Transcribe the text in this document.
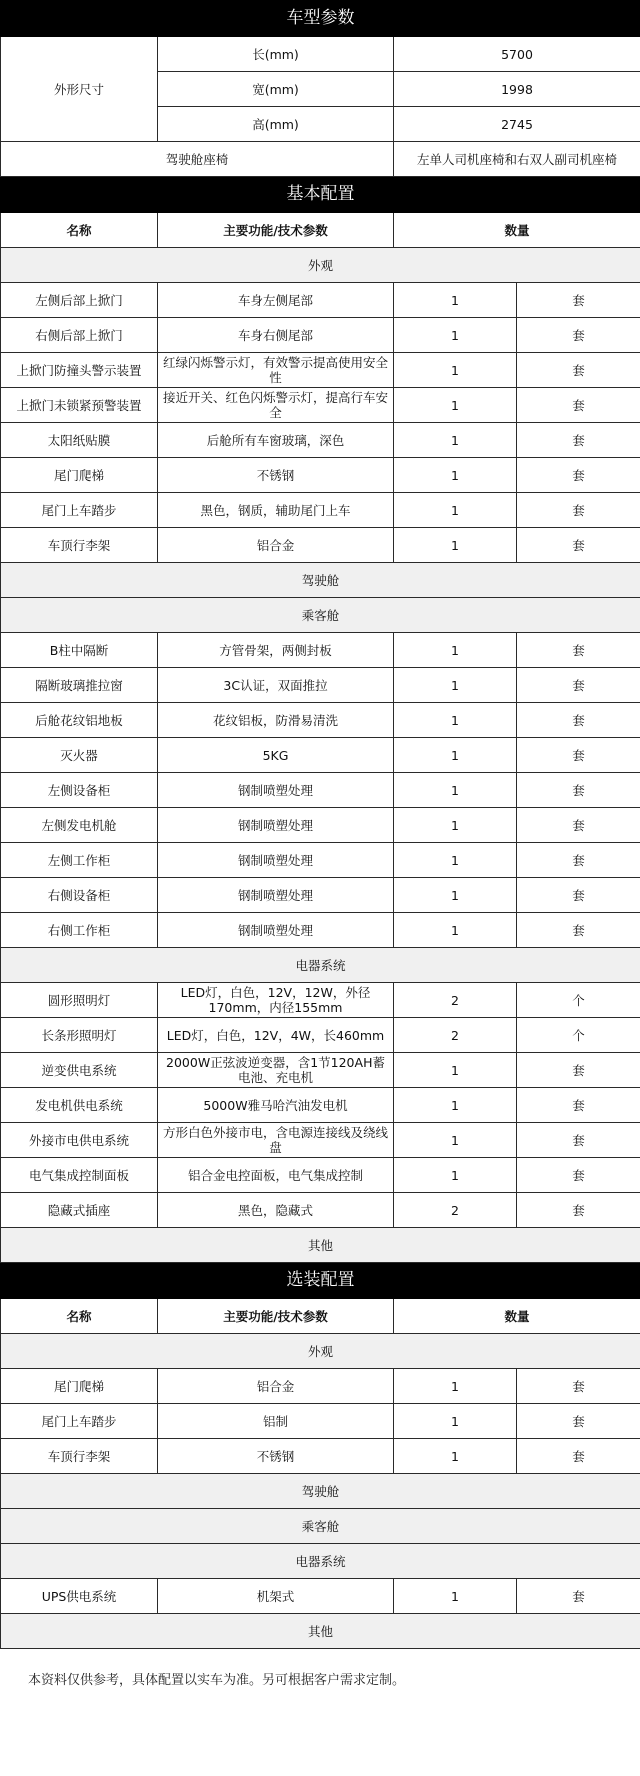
车型参数			
外形尺寸	长(mm)	5700	
	宽(mm)	1998	
	高(mm)	2745	
驾驶舱座椅		左单人司机座椅和右双人副司机座椅	
基本配置			
名称	主要功能/技术参数	数量	
外观			
左侧后部上掀门	车身左侧尾部	1	套
右侧后部上掀门	车身右侧尾部	1	套
上掀门防撞头警示装置	红绿闪烁警示灯，有效警示提高使用安全性	1	套
上掀门未锁紧预警装置	接近开关、红色闪烁警示灯，提高行车安全	1	套
太阳纸贴膜	后舱所有车窗玻璃，深色	1	套
尾门爬梯	不锈钢	1	套
尾门上车踏步	黑色，钢质，辅助尾门上车	1	套
车顶行李架	铝合金	1	套
驾驶舱			
乘客舱			
B柱中隔断	方管骨架，两侧封板	1	套
隔断玻璃推拉窗	3C认证，双面推拉	1	套
后舱花纹铝地板	花纹铝板，防滑易清洗	1	套
灭火器	5KG	1	套
左侧设备柜	钢制喷塑处理	1	套
左侧发电机舱	钢制喷塑处理	1	套
左侧工作柜	钢制喷塑处理	1	套
右侧设备柜	钢制喷塑处理	1	套
右侧工作柜	钢制喷塑处理	1	套
电器系统			
圆形照明灯	LED灯，白色，12V，12W，外径170mm，内径155mm	2	个
长条形照明灯	LED灯，白色，12V，4W，长460mm	2	个
逆变供电系统	2000W正弦波逆变器，含1节120AH蓄电池、充电机	1	套
发电机供电系统	5000W雅马哈汽油发电机	1	套
外接市电供电系统	方形白色外接市电，含电源连接线及绕线盘	1	套
电气集成控制面板	铝合金电控面板，电气集成控制	1	套
隐藏式插座	黑色，隐藏式	2	套
其他			
选装配置			
名称	主要功能/技术参数	数量	
外观			
尾门爬梯	铝合金	1	套
尾门上车踏步	铝制	1	套
车顶行李架	不锈钢	1	套
驾驶舱			
乘客舱			
电器系统			
UPS供电系统	机架式	1	套
其他			
本资料仅供参考，具体配置以实车为准。另可根据客户需求定制。
